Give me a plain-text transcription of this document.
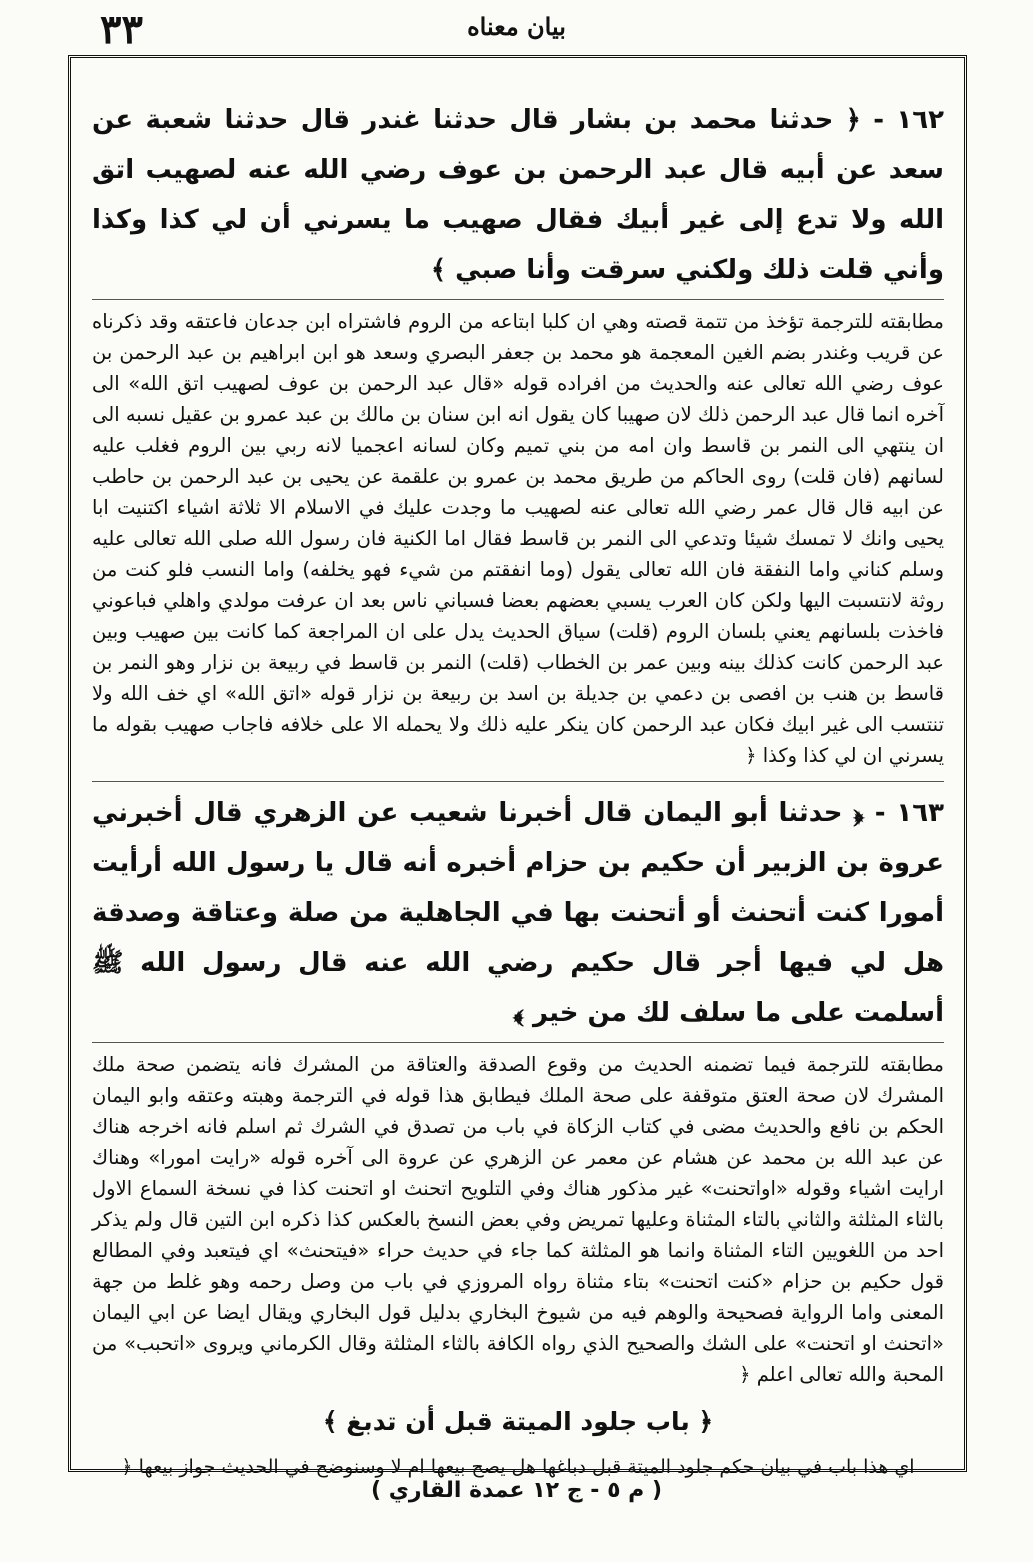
٣٣	بيان معناه

١٦٢ - ﴿ حدثنا محمد بن بشار قال حدثنا غندر قال حدثنا شعبة عن سعد عن أبيه قال عبد الرحمن بن عوف رضي الله عنه لصهيب اتق الله ولا تدع إلى غير أبيك فقال صهيب ما يسرني أن لي كذا وكذا وأني قلت ذلك ولكني سرقت وأنا صبي ﴾

مطابقته للترجمة تؤخذ من تتمة قصته وهي ان كلبا ابتاعه من الروم فاشتراه ابن جدعان فاعتقه وقد ذكرناه عن قريب وغندر بضم الغين المعجمة هو محمد بن جعفر البصري وسعد هو ابن ابراهيم بن عبد الرحمن بن عوف رضي الله تعالى عنه والحديث من افراده قوله «قال عبد الرحمن بن عوف لصهيب اتق الله» الى آخره انما قال عبد الرحمن ذلك لان صهيبا كان يقول انه ابن سنان بن مالك بن عبد عمرو بن عقيل نسبه الى ان ينتهي الى النمر بن قاسط وان امه من بني تميم وكان لسانه اعجميا لانه ربي بين الروم فغلب عليه لسانهم (فان قلت) روى الحاكم من طريق محمد بن عمرو بن علقمة عن يحيى بن عبد الرحمن بن حاطب عن ابيه قال قال عمر رضي الله تعالى عنه لصهيب ما وجدت عليك في الاسلام الا ثلاثة اشياء اكتنيت ابا يحيى وانك لا تمسك شيئا وتدعي الى النمر بن قاسط فقال اما الكنية فان رسول الله صلى الله تعالى عليه وسلم كناني واما النفقة فان الله تعالى يقول (وما انفقتم من شيء فهو يخلفه) واما النسب فلو كنت من روثة لانتسبت اليها ولكن كان العرب يسبي بعضهم بعضا فسباني ناس بعد ان عرفت مولدي واهلي فباعوني فاخذت بلسانهم يعني بلسان الروم (قلت) سياق الحديث يدل على ان المراجعة كما كانت بين صهيب وبين عبد الرحمن كانت كذلك بينه وبين عمر بن الخطاب (قلت) النمر بن قاسط في ربيعة بن نزار وهو النمر بن قاسط بن هنب بن افصى بن دعمي بن جديلة بن اسد بن ربيعة بن نزار قوله «اتق الله» اي خف الله ولا تنتسب الى غير ابيك فكان عبد الرحمن كان ينكر عليه ذلك ولا يحمله الا على خلافه فاجاب صهيب بقوله ما يسرني ان لي كذا وكذا ﴿

١٦٣ - ﴿ حدثنا أبو اليمان قال أخبرنا شعيب عن الزهري قال أخبرني عروة بن الزبير أن حكيم بن حزام أخبره أنه قال يا رسول الله أرأيت أمورا كنت أتحنث أو أتحنت بها في الجاهلية من صلة وعتاقة وصدقة هل لي فيها أجر قال حكيم رضي الله عنه قال رسول الله ﷺ أسلمت على ما سلف لك من خير ﴾

مطابقته للترجمة فيما تضمنه الحديث من وقوع الصدقة والعتاقة من المشرك فانه يتضمن صحة ملك المشرك لان صحة العتق متوقفة على صحة الملك فيطابق هذا قوله في الترجمة وهبته وعتقه وابو اليمان الحكم بن نافع والحديث مضى في كتاب الزكاة في باب من تصدق في الشرك ثم اسلم فانه اخرجه هناك عن عبد الله بن محمد عن هشام عن معمر عن الزهري عن عروة الى آخره قوله «رايت امورا» وهناك ارايت اشياء وقوله «اواتحنت» غير مذكور هناك وفي التلويح اتحنث او اتحنت كذا في نسخة السماع الاول بالثاء المثلثة والثاني بالتاء المثناة وعليها تمريض وفي بعض النسخ بالعكس كذا ذكره ابن التين قال ولم يذكر احد من اللغويين التاء المثناة وانما هو المثلثة كما جاء في حديث حراء «فيتحنث» اي فيتعبد وفي المطالع قول حكيم بن حزام «كنت اتحنت» بتاء مثناة رواه المروزي في باب من وصل رحمه وهو غلط من جهة المعنى واما الرواية فصحيحة والوهم فيه من شيوخ البخاري بدليل قول البخاري ويقال ايضا عن ابي اليمان «اتحنث او اتحنت» على الشك والصحيح الذي رواه الكافة بالثاء المثلثة وقال الكرماني ويروى «اتحبب» من المحبة والله تعالى اعلم ﴿

﴿ باب جلود الميتة قبل أن تدبغ ﴾

اي هذا باب في بيان حكم جلود الميتة قبل دباغها هل يصح بيعها ام لا وسنوضح في الحديث جواز بيعها ﴿

( م ٥ - ج ١٢ عمدة القاري )
